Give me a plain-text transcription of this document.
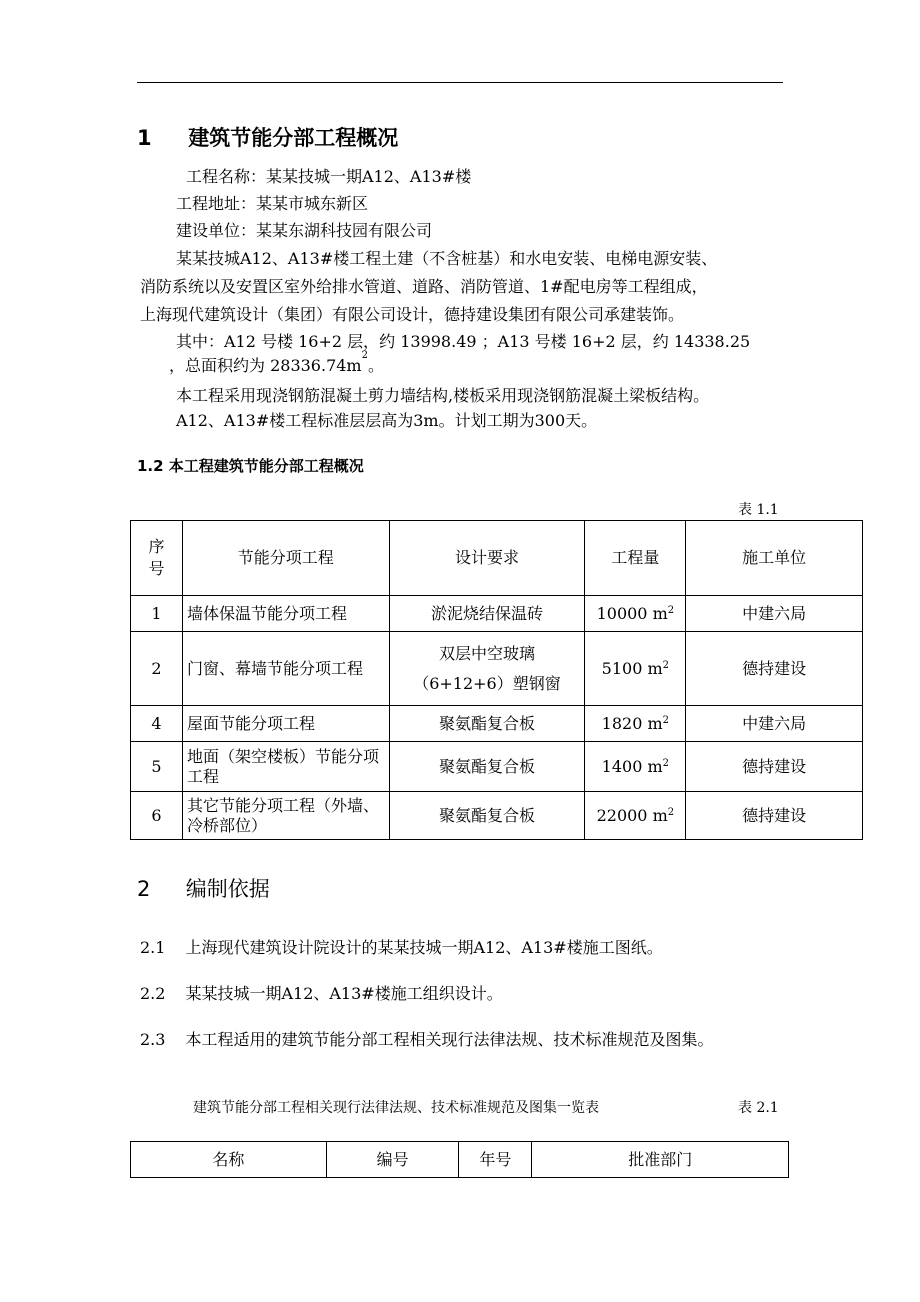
1 建筑节能分部工程概况
工程名称：某某技城一期A12、A13#楼
工程地址：某某市城东新区
建设单位：某某东湖科技园有限公司
某某技城A12、A13#楼工程土建（不含桩基）和水电安装、电梯电源安装、
消防系统以及安置区室外给排水管道、道路、消防管道、1#配电房等工程组成，
上海现代建筑设计（集团）有限公司设计，德持建设集团有限公司承建装饰。
其中：A12 号楼 16+2 层，约 13998.49 ；A13 号楼 16+2 层，约 14338.25
，总面积约为 $28336.74m^2$。
本工程采用现浇钢筋混凝土剪力墙结构,楼板采用现浇钢筋混凝土梁板结构。
A12、A13#楼工程标准层层高为3m。计划工期为300天。
1.2 本工程建筑节能分部工程概况
表 1.1
序
号	节能分项工程	设计要求	工程量	施工单位
1	墙体保温节能分项工程	淤泥烧结保温砖	10000 $m^2$	中建六局
2	门窗、幕墙节能分项工程	双层中空玻璃（6+12+6）塑钢窗	5100 $m^2$	德持建设
4	屋面节能分项工程	聚氨酯复合板	1820 $m^2$	中建六局
5	地面（架空楼板）节能分项工程	聚氨酯复合板	1400 $m^2$	德持建设
6	其它节能分项工程（外墙、冷桥部位）	聚氨酯复合板	22000 $m^2$	德持建设
2 编制依据
2.1 上海现代建筑设计院设计的某某技城一期A12、A13#楼施工图纸。
2.2 某某技城一期A12、A13#楼施工组织设计。
2.3 本工程适用的建筑节能分部工程相关现行法律法规、技术标准规范及图集。
建筑节能分部工程相关现行法律法规、技术标准规范及图集一览表	表 2.1
名称	编号	年号	批准部门
